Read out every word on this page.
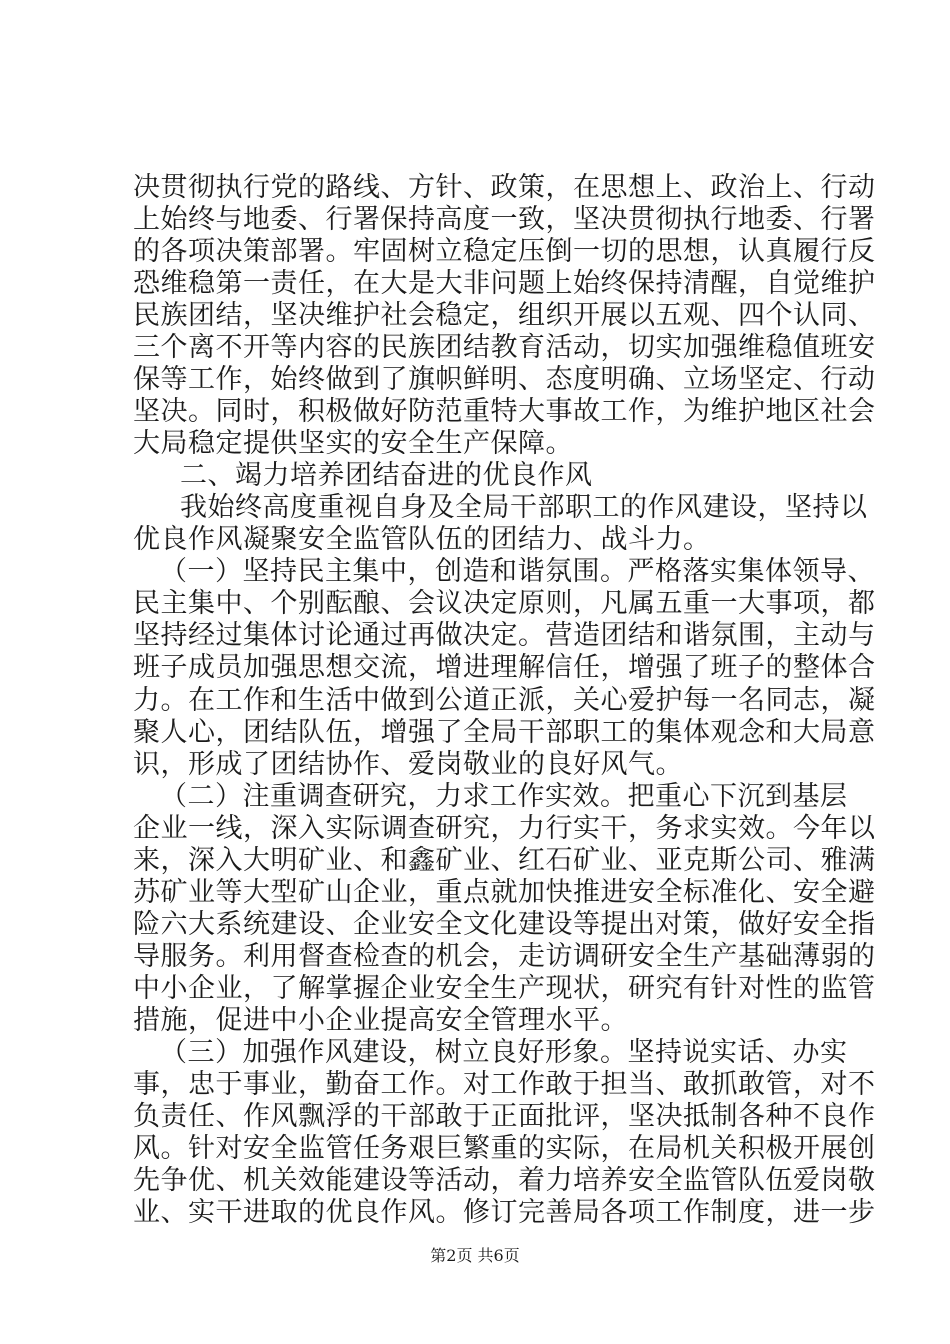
决贯彻执行党的路线、方针、政策，在思想上、政治上、行动
上始终与地委、行署保持高度一致，坚决贯彻执行地委、行署
的各项决策部署。牢固树立稳定压倒一切的思想，认真履行反
恐维稳第一责任，在大是大非问题上始终保持清醒，自觉维护
民族团结，坚决维护社会稳定，组织开展以五观、四个认同、
三个离不开等内容的民族团结教育活动，切实加强维稳值班安
保等工作，始终做到了旗帜鲜明、态度明确、立场坚定、行动
坚决。同时，积极做好防范重特大事故工作，为维护地区社会
大局稳定提供坚实的安全生产保障。
二、竭力培养团结奋进的优良作风
我始终高度重视自身及全局干部职工的作风建设，坚持以
优良作风凝聚安全监管队伍的团结力、战斗力。
（一）坚持民主集中，创造和谐氛围。严格落实集体领导、
民主集中、个别酝酿、会议决定原则，凡属五重一大事项，都
坚持经过集体讨论通过再做决定。营造团结和谐氛围，主动与
班子成员加强思想交流，增进理解信任，增强了班子的整体合
力。在工作和生活中做到公道正派，关心爱护每一名同志，凝
聚人心，团结队伍，增强了全局干部职工的集体观念和大局意
识，形成了团结协作、爱岗敬业的良好风气。
（二）注重调查研究，力求工作实效。把重心下沉到基层
企业一线，深入实际调查研究，力行实干，务求实效。今年以
来，深入大明矿业、和鑫矿业、红石矿业、亚克斯公司、雅满
苏矿业等大型矿山企业，重点就加快推进安全标准化、安全避
险六大系统建设、企业安全文化建设等提出对策，做好安全指
导服务。利用督查检查的机会，走访调研安全生产基础薄弱的
中小企业，了解掌握企业安全生产现状，研究有针对性的监管
措施，促进中小企业提高安全管理水平。
（三）加强作风建设，树立良好形象。坚持说实话、办实
事，忠于事业，勤奋工作。对工作敢于担当、敢抓敢管，对不
负责任、作风飘浮的干部敢于正面批评，坚决抵制各种不良作
风。针对安全监管任务艰巨繁重的实际，在局机关积极开展创
先争优、机关效能建设等活动，着力培养安全监管队伍爱岗敬
业、实干进取的优良作风。修订完善局各项工作制度，进一步
第2页 共6页
